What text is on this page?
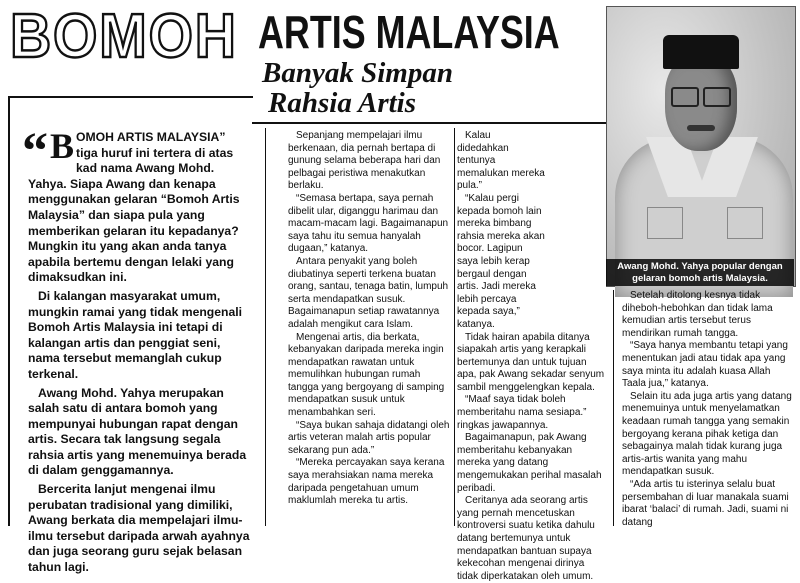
BOMOH ARTIS MALAYSIA
Banyak Simpan
Rahsia Artis
Awang Mohd. Yahya popular dengan
gelaran bomoh artis Malaysia.

“ B OMOH ARTIS MALAYSIA” tiga huruf ini tertera di atas kad nama Awang Mohd. Yahya. Siapa Awang dan kenapa menggunakan gelaran “Bomoh Artis Malaysia” dan siapa pula yang memberikan gelaran itu kepadanya? Mungkin itu yang akan anda tanya apabila bertemu dengan lelaki yang dimaksudkan ini.

Di kalangan masyarakat umum, mungkin ramai yang tidak mengenali Bomoh Artis Malaysia ini tetapi di kalangan artis dan penggiat seni, nama tersebut memanglah cukup terkenal.

Awang Mohd. Yahya merupakan salah satu di antara bomoh yang mempunyai hubungan rapat dengan artis. Secara tak langsung segala rahsia artis yang menemuinya berada di dalam genggamannya.

Bercerita lanjut mengenai ilmu perubatan tradisional yang dimiliki, Awang berkata dia mempelajari ilmu-ilmu tersebut daripada arwah ayahnya dan juga seorang guru sejak belasan tahun lagi.

Sepanjang mempelajari ilmu berkenaan, dia pernah bertapa di gunung selama beberapa hari dan pelbagai peristiwa menakutkan berlaku.

“Semasa bertapa, saya pernah dibelit ular, diganggu harimau dan macam-macam lagi. Bagaimanapun saya tahu itu semua hanyalah dugaan,” katanya.

Antara penyakit yang boleh diubatinya seperti terkena buatan orang, santau, tenaga batin, lumpuh serta mendapatkan susuk. Bagaimanapun setiap rawatannya adalah mengikut cara Islam.

Mengenai artis, dia berkata, kebanyakan daripada mereka ingin mendapatkan rawatan untuk memulihkan hubungan rumah tangga yang bergoyang di samping mendapatkan susuk untuk menambahkan seri.

“Saya bukan sahaja didatangi oleh artis veteran malah artis popular sekarang pun ada.”

“Mereka percayakan saya kerana saya merahsiakan nama mereka daripada pengetahuan umum maklumlah mereka tu artis.

Kalau didedahkan tentunya memalukan mereka pula.”

“Kalau pergi kepada bomoh lain mereka bimbang rahsia mereka akan bocor. Lagipun saya lebih kerap bergaul dengan artis. Jadi mereka lebih percaya kepada saya,” katanya.

Tidak hairan apabila ditanya siapakah artis yang kerapkali bertemunya dan untuk tujuan apa, pak Awang sekadar senyum sambil menggelengkan kepala.

“Maaf saya tidak boleh memberitahu nama sesiapa.” ringkas jawapannya.

Bagaimanapun, pak Awang memberitahu kebanyakan mereka yang datang mengemukakan perihal masalah peribadi.

Ceritanya ada seorang artis yang pernah mencetuskan kontroversi suatu ketika dahulu datang bertemunya untuk mendapatkan bantuan supaya kekecohan mengenai dirinya tidak diperkatakan oleh umum.

Setelah ditolong kesnya tidak diheboh-hebohkan dan tidak lama kemudian artis tersebut terus mendirikan rumah tangga.

“Saya hanya membantu tetapi yang menentukan jadi atau tidak apa yang saya minta itu adalah kuasa Allah Taala jua,” katanya.

Selain itu ada juga artis yang datang menemuinya untuk menyelamatkan keadaan rumah tangga yang semakin bergoyang kerana pihak ketiga dan sebagainya malah tidak kurang juga artis-artis wanita yang mahu mendapatkan susuk.

“Ada artis tu isterinya selalu buat persembahan di luar manakala suami ibarat ‘balaci’ di rumah. Jadi, suami ni datang
